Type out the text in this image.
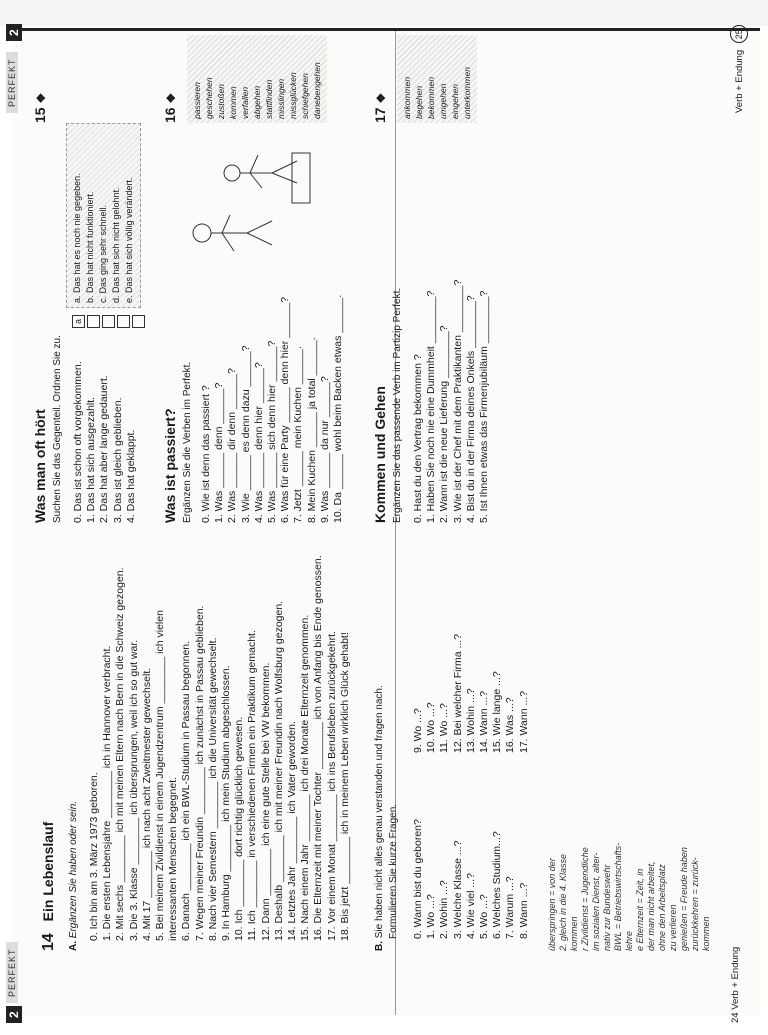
2
PERFEKT
14 Ein Lebenslauf
A. Ergänzen Sie haben oder sein. 0. Ich bin am 3. März 1973 geboren. 1. Die ersten Lebensjahre ________ ich in Hannover verbracht. 2. Mit sechs ________ ich mit meinen Eltern nach Bern in die Schweiz gezogen. 3. Die 3. Klasse ________ ich übersprungen, weil ich so gut war. 4. Mit 17 ________ ich nach acht Zweitmester gewechselt. 5. Bei meinem Zivildienst in einem Jugendzentrum ________ ich vielen interessanten Menschen begegnet. 6. Danach ________ ich ein BWL-Studium in Passau begonnen. 7. Wegen meiner Freundin ________ ich zunächst in Passau geblieben. 8. Nach vier Semestern ________ ich die Universität gewechselt. 9. In Hamburg ________ ich mein Studium abgeschlossen. 10. Ich ________ dort richtig glücklich gewesen. 11. Ich ________ in verschiedenen Firmen ein Praktikum gemacht. 12. Dann ________ ich eine gute Stelle bei VW bekommen. 13. Deshalb ________ ich mit meiner Freundin nach Wolfsburg gezogen. 14. Letztes Jahr ________ ich Vater geworden. 15. Nach einem Jahr ________ ich drei Monate Elternzeit genommen. 16. Die Elternzeit mit meiner Tochter ________ ich von Anfang bis Ende genossen. 17. Vor einem Monat ________ ich ins Berufsleben zurückgekehrt. 18. Bis jetzt ________ ich in meinem Leben wirklich Glück gehabt!
B. Sie haben nicht alles genau verstanden und fragen nach. Formulieren Sie kurze Fragen. 0. Wann bist du geboren? 1. Wo ...? 2. Wohin ...? 3. Welche Klasse ...? 4. Wie viel ...? 5. Wo ...? 6. Welches Studium...? 7. Warum ...? 8. Wann ...?
9. Wo ...? 10. Wo ...? 11. Wo ...? 12. Bei welcher Firma ...? 13. Wohin ...? 14. Wann ...? 15. Wie lange ...? 16. Was ...? 17. Wann ...?
überspringen = von der 2. gleich in die 4. Klasse kommen r Zivildienst = Jugendliche im sozialen Dienst, alter- nativ zur Bundeswehr BWL = Betriebswirtschafts- lehre e Elternzeit = Zeit, in der man nicht arbeitet, ohne den Arbeitsplatz zu verlieren genießen = Freude haben zurückkehren = zurück- kommen
24 Verb + Endung
PERFEKT
2
Was man oft hört Suchen Sie das Gegenteil. Ordnen Sie zu. 0. Das ist schon oft vorgekommen. 1. Das hat sich ausgezahlt. 2. Das hat aber lange gedauert. 3. Das ist gleich geblieben. 4. Das hat geklappt.
a
a. Das hat es noch nie gegeben. b. Das hat nicht funktioniert. c. Das ging sehr schnell. d. Das hat sich nicht gelohnt. e. Das hat sich völlig verändert.
15 ❖
Was ist passiert? Ergänzen Sie die Verben im Perfekt. 0. Wie ist denn das passiert ? 1. Was ______ denn ______? 2. Was ______ dir denn ______? 3. Wie ______ es denn dazu ______? 4. Was ______ denn hier ______? 5. Was ______ sich denn hier ______? 6. Was für eine Party ______ denn hier ______? 7. Jetzt ______ mein Kuchen ______. 8. Mein Kuchen ______ ja total ______. 9. Was ______ da nur ______? 10. Da ______ wohl beim Backen etwas ______.
16 ❖ passieren geschehen zustoßen kommen verfallen abgehen stattfinden misslingen missglücken schiefgehen danebengehen
Kommen und Gehen Ergänzen Sie das passende Verb im Partizip Perfekt. 0. Hast du den Vertrag bekommen ? 1. Haben Sie noch nie eine Dummheit ________? 2. Wann ist die neue Lieferung ________? 3. Wie ist der Chef mit dem Praktikanten ________? 4. Bist du in der Firma deines Onkels ________? 5. Ist Ihnen etwas das Firmenjubiläum ________?
17 ❖ ankommen begehen bekommen umgehen eingehen unterkommen	Verb + Endung 25
